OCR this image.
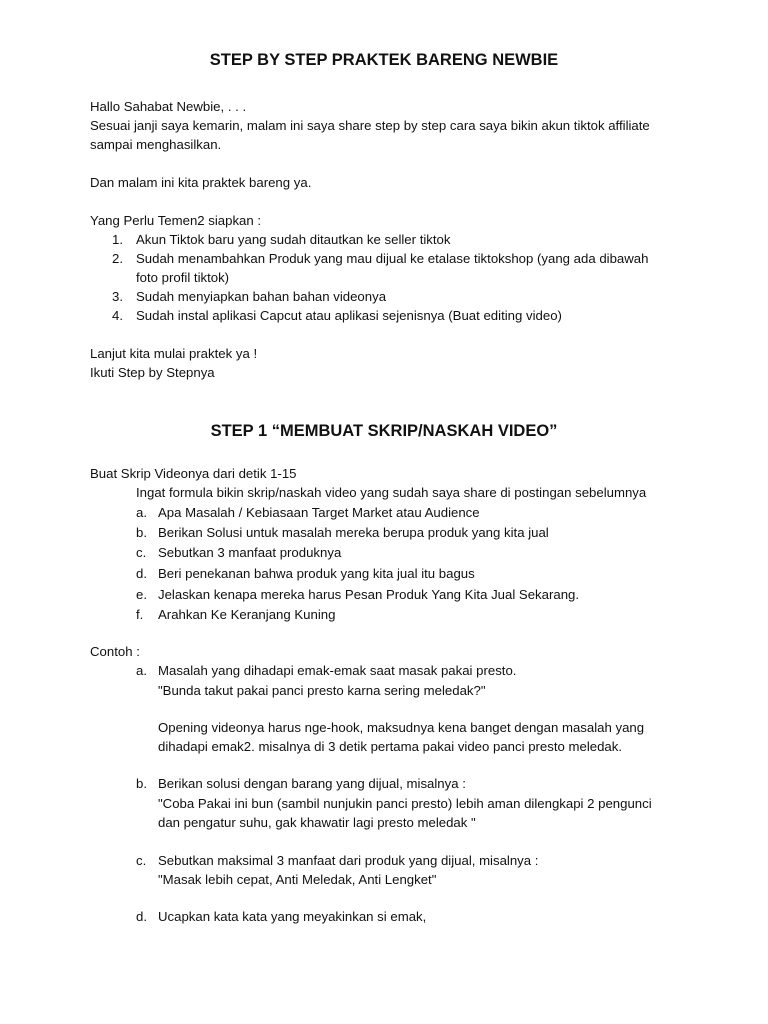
STEP BY STEP PRAKTEK BARENG NEWBIE
Hallo Sahabat Newbie, . . .
Sesuai janji saya kemarin, malam ini saya share step by step cara saya bikin akun tiktok affiliate
sampai menghasilkan.
Dan malam ini kita praktek bareng ya.
Yang Perlu Temen2 siapkan :
1. Akun Tiktok baru yang sudah ditautkan ke seller tiktok
2. Sudah menambahkan Produk yang mau dijual ke etalase tiktokshop (yang ada dibawah
foto profil tiktok)
3. Sudah menyiapkan bahan bahan videonya
4. Sudah instal aplikasi Capcut atau aplikasi sejenisnya (Buat editing video)
Lanjut kita mulai praktek ya !
Ikuti Step by Stepnya
STEP 1 “MEMBUAT SKRIP/NASKAH VIDEO”
Buat Skrip Videonya dari detik 1-15
Ingat formula bikin skrip/naskah video yang sudah saya share di postingan sebelumnya
a. Apa Masalah / Kebiasaan Target Market atau Audience
b. Berikan Solusi untuk masalah mereka berupa produk yang kita jual
c. Sebutkan 3 manfaat produknya
d. Beri penekanan bahwa produk yang kita jual itu bagus
e. Jelaskan kenapa mereka harus Pesan Produk Yang Kita Jual Sekarang.
f. Arahkan Ke Keranjang Kuning
Contoh :
a. Masalah yang dihadapi emak-emak saat masak pakai presto.
"Bunda takut pakai panci presto karna sering meledak?"
Opening videonya harus nge-hook, maksudnya kena banget dengan masalah yang
dihadapi emak2. misalnya di 3 detik pertama pakai video panci presto meledak.
b. Berikan solusi dengan barang yang dijual, misalnya :
"Coba Pakai ini bun (sambil nunjukin panci presto) lebih aman dilengkapi 2 pengunci
dan pengatur suhu, gak khawatir lagi presto meledak "
c. Sebutkan maksimal 3 manfaat dari produk yang dijual, misalnya :
"Masak lebih cepat, Anti Meledak, Anti Lengket"
d. Ucapkan kata kata yang meyakinkan si emak,
